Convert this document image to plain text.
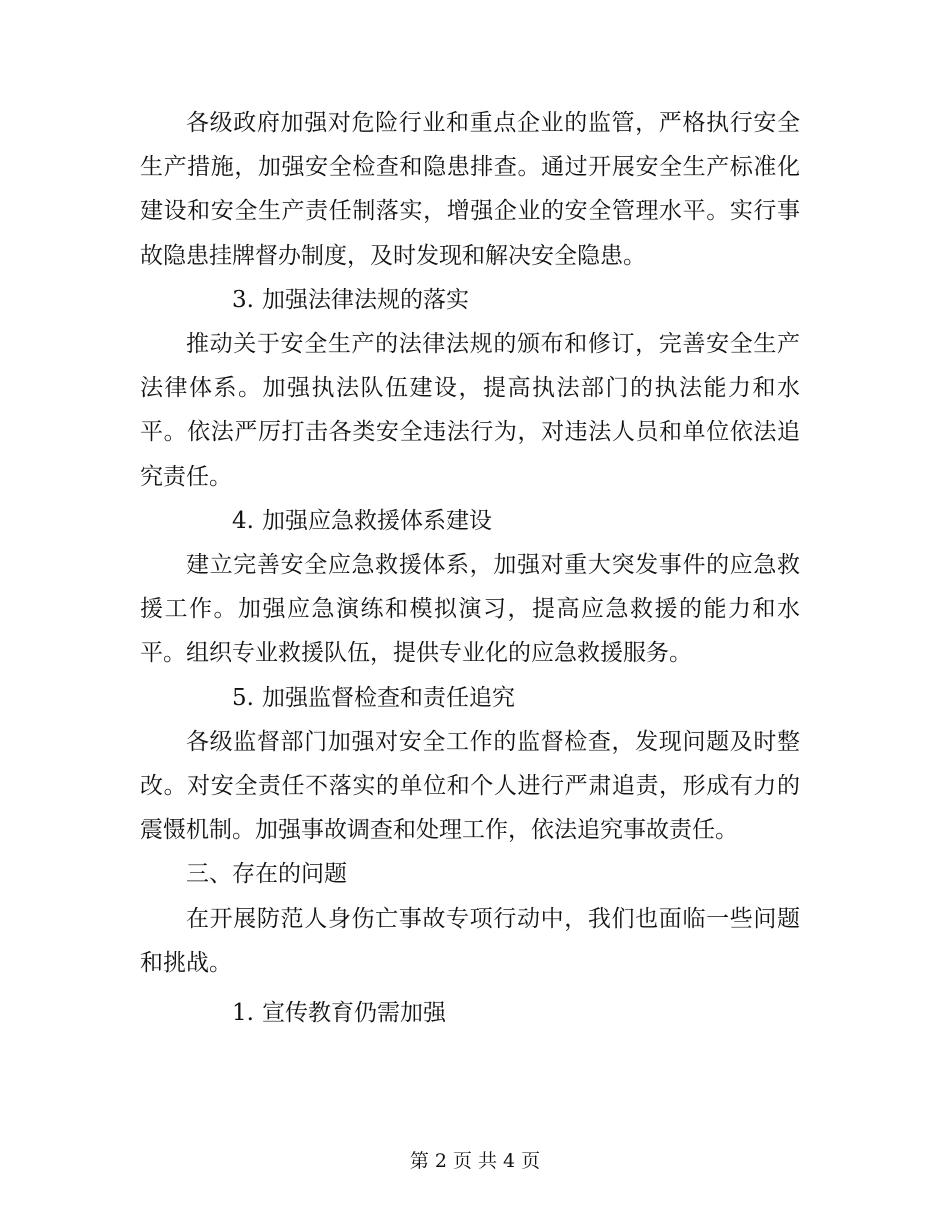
各级政府加强对危险行业和重点企业的监管，严格执行安全生产措施，加强安全检查和隐患排查。通过开展安全生产标准化建设和安全生产责任制落实，增强企业的安全管理水平。实行事故隐患挂牌督办制度，及时发现和解决安全隐患。

3. 加强法律法规的落实

推动关于安全生产的法律法规的颁布和修订，完善安全生产法律体系。加强执法队伍建设，提高执法部门的执法能力和水平。依法严厉打击各类安全违法行为，对违法人员和单位依法追究责任。

4. 加强应急救援体系建设

建立完善安全应急救援体系，加强对重大突发事件的应急救援工作。加强应急演练和模拟演习，提高应急救援的能力和水平。组织专业救援队伍，提供专业化的应急救援服务。

5. 加强监督检查和责任追究

各级监督部门加强对安全工作的监督检查，发现问题及时整改。对安全责任不落实的单位和个人进行严肃追责，形成有力的震慑机制。加强事故调查和处理工作，依法追究事故责任。

三、存在的问题

在开展防范人身伤亡事故专项行动中，我们也面临一些问题和挑战。

1. 宣传教育仍需加强

第 2 页 共 4 页
